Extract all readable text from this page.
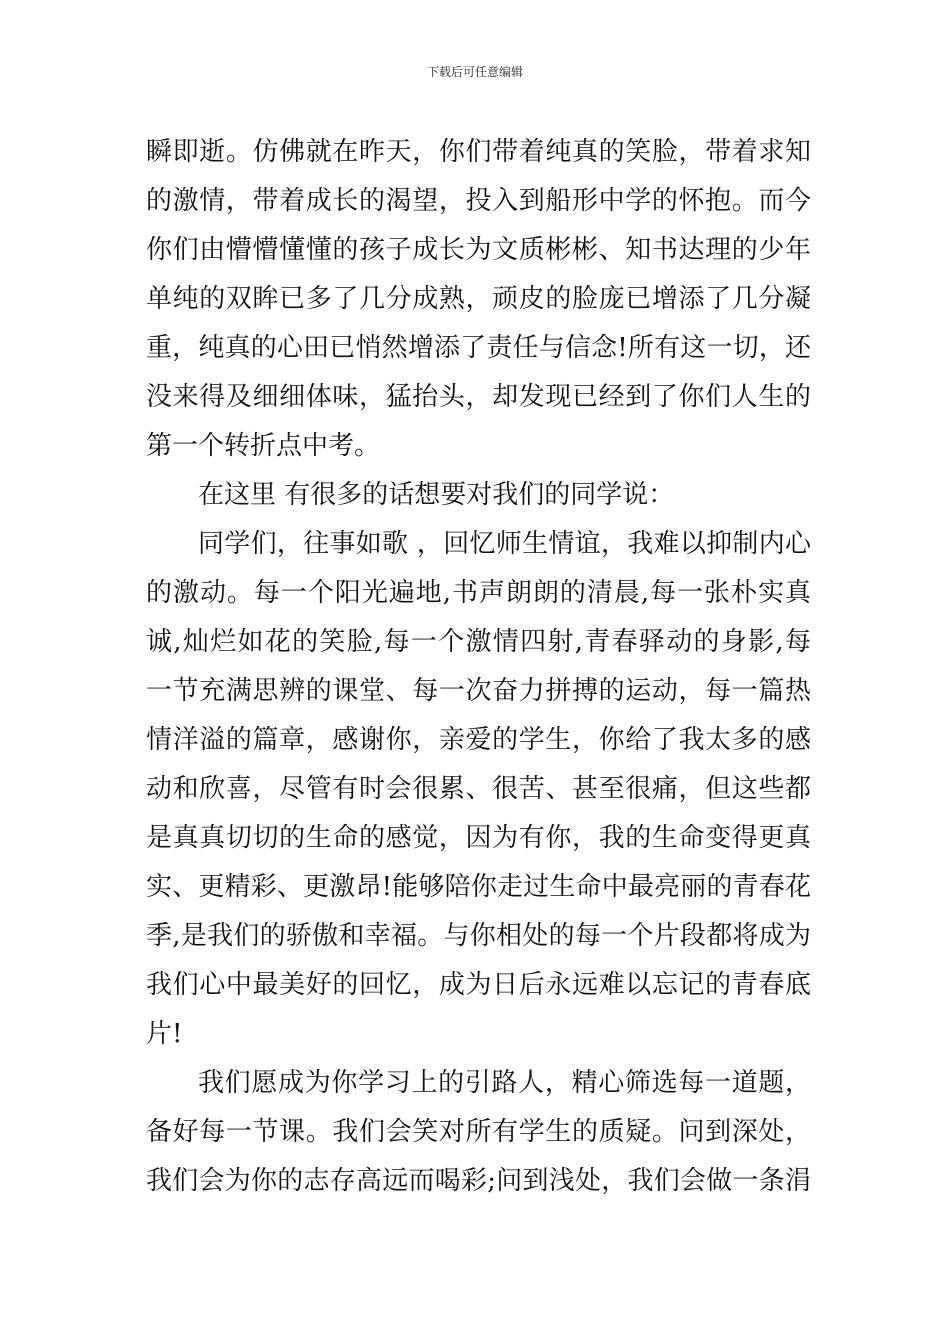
下载后可任意编辑
瞬即逝。仿佛就在昨天，你们带着纯真的笑脸，带着求知
的激情，带着成长的渴望，投入到船形中学的怀抱。而今
你们由懵懵懂懂的孩子成长为文质彬彬、知书达理的少年
单纯的双眸已多了几分成熟，顽皮的脸庞已增添了几分凝
重，纯真的心田已悄然增添了责任与信念!所有这一切，还
没来得及细细体味，猛抬头，却发现已经到了你们人生的
第一个转折点中考。
在这里 有很多的话想要对我们的同学说：
同学们，往事如歌 ，回忆师生情谊，我难以抑制内心
的激动。每一个阳光遍地,书声朗朗的清晨,每一张朴实真
诚,灿烂如花的笑脸,每一个激情四射,青春驿动的身影,每
一节充满思辨的课堂、每一次奋力拼搏的运动，每一篇热
情洋溢的篇章，感谢你，亲爱的学生，你给了我太多的感
动和欣喜，尽管有时会很累、很苦、甚至很痛，但这些都
是真真切切的生命的感觉，因为有你，我的生命变得更真
实、更精彩、更激昂!能够陪你走过生命中最亮丽的青春花
季,是我们的骄傲和幸福。与你相处的每一个片段都将成为
我们心中最美好的回忆，成为日后永远难以忘记的青春底
片!
我们愿成为你学习上的引路人，精心筛选每一道题，
备好每一节课。我们会笑对所有学生的质疑。问到深处，
我们会为你的志存高远而喝彩;问到浅处，我们会做一条涓
